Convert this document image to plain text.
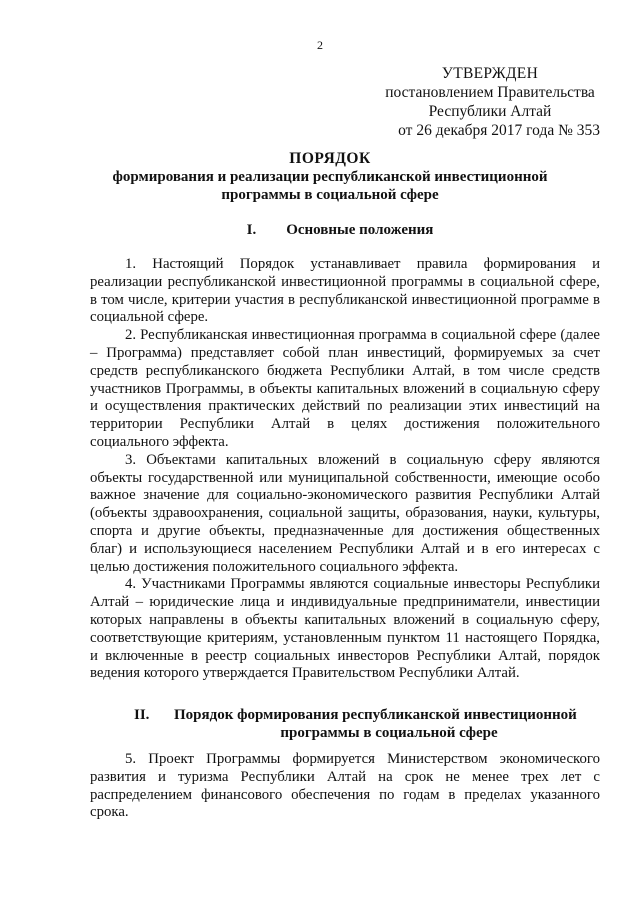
2
УТВЕРЖДЕН
постановлением Правительства
Республики Алтай
от 26 декабря 2017 года № 353
ПОРЯДОК
формирования и реализации республиканской инвестиционной
программы в социальной сфере
I. Основные положения

1. Настоящий Порядок устанавливает правила формирования и реализации республиканской инвестиционной программы в социальной сфере, в том числе, критерии участия в республиканской инвестиционной программе в социальной сфере.

2. Республиканская инвестиционная программа в социальной сфере (далее – Программа) представляет собой план инвестиций, формируемых за счет средств республиканского бюджета Республики Алтай, в том числе средств участников Программы, в объекты капитальных вложений в социальную сферу и осуществления практических действий по реализации этих инвестиций на территории Республики Алтай в целях достижения положительного социального эффекта.

3. Объектами капитальных вложений в социальную сферу являются объекты государственной или муниципальной собственности, имеющие особо важное значение для социально-экономического развития Республики Алтай (объекты здравоохранения, социальной защиты, образования, науки, культуры, спорта и другие объекты, предназначенные для достижения общественных благ) и использующиеся населением Республики Алтай и в его интересах с целью достижения положительного социального эффекта.

4. Участниками Программы являются социальные инвесторы Республики Алтай – юридические лица и индивидуальные предприниматели, инвестиции которых направлены в объекты капитальных вложений в социальную сферу, соответствующие критериям, установленным пунктом 11 настоящего Порядка, и включенные в реестр социальных инвесторов Республики Алтай, порядок ведения которого утверждается Правительством Республики Алтай.

II. Порядок формирования республиканской инвестиционной
программы в социальной сфере

5. Проект Программы формируется Министерством экономического развития и туризма Республики Алтай на срок не менее трех лет с распределением финансового обеспечения по годам в пределах указанного срока.
